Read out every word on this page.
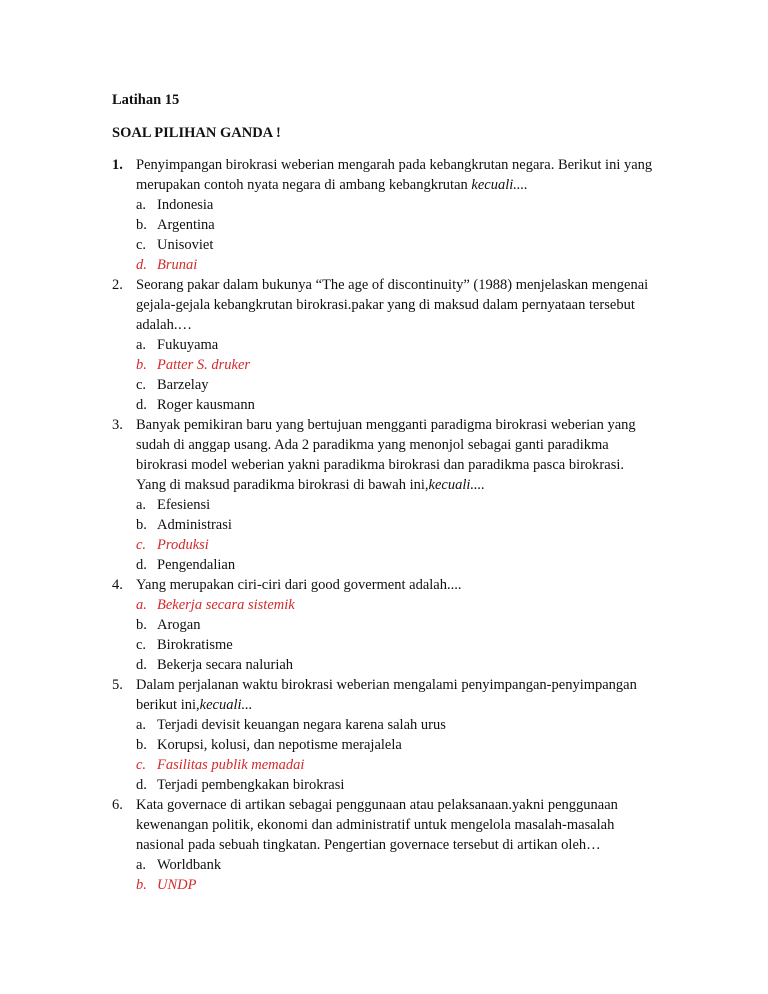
Latihan 15
SOAL PILIHAN GANDA !
1. Penyimpangan birokrasi weberian mengarah pada kebangkrutan negara. Berikut ini yang
merupakan contoh nyata negara di ambang kebangkrutan kecuali....
a. Indonesia
b. Argentina
c. Unisoviet
d. Brunai
2. Seorang pakar dalam bukunya “The age of discontinuity” (1988) menjelaskan mengenai
gejala-gejala kebangkrutan birokrasi.pakar yang di maksud dalam pernyataan tersebut
adalah.…
a. Fukuyama
b. Patter S. druker
c. Barzelay
d. Roger kausmann
3. Banyak pemikiran baru yang bertujuan mengganti paradigma birokrasi weberian yang
sudah di anggap usang. Ada 2 paradikma yang menonjol sebagai ganti paradikma
birokrasi model weberian yakni paradikma birokrasi dan paradikma pasca birokrasi.
Yang di maksud paradikma birokrasi di bawah ini,kecuali....
a. Efesiensi
b. Administrasi
c. Produksi
d. Pengendalian
4. Yang merupakan ciri-ciri dari good goverment adalah....
a. Bekerja secara sistemik
b. Arogan
c. Birokratisme
d. Bekerja secara naluriah
5. Dalam perjalanan waktu birokrasi weberian mengalami penyimpangan-penyimpangan
berikut ini,kecuali...
a. Terjadi devisit keuangan negara karena salah urus
b. Korupsi, kolusi, dan nepotisme merajalela
c. Fasilitas publik memadai
d. Terjadi pembengkakan birokrasi
6. Kata governace di artikan sebagai penggunaan atau pelaksanaan.yakni penggunaan
kewenangan politik, ekonomi dan administratif untuk mengelola masalah-masalah
nasional pada sebuah tingkatan. Pengertian governace tersebut di artikan oleh…
a. Worldbank
b. UNDP
